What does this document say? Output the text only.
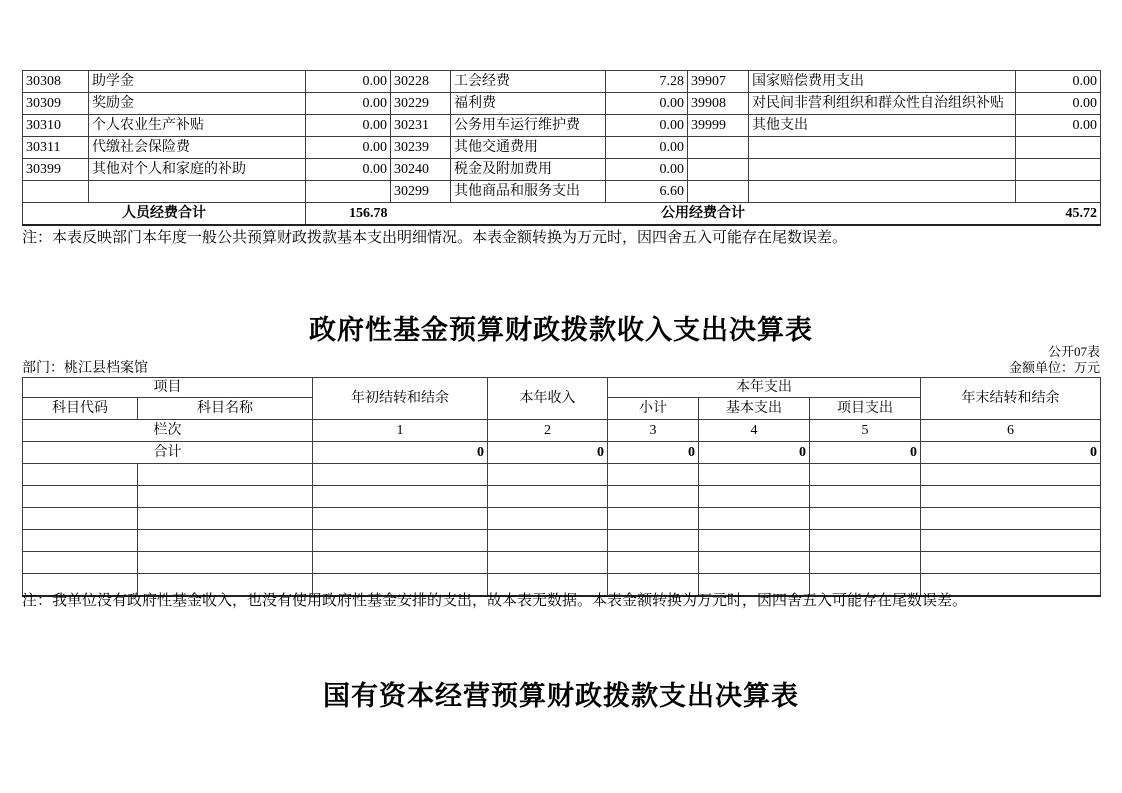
30308	助学金	0.00	30228	工会经费	7.28	39907	国家赔偿费用支出	0.00
30309	奖励金	0.00	30229	福利费	0.00	39908	对民间非营利组织和群众性自治组织补贴	0.00
30310	个人农业生产补贴	0.00	30231	公务用车运行维护费	0.00	39999	其他支出	0.00
30311	代缴社会保险费	0.00	30239	其他交通费用	0.00			
30399	其他对个人和家庭的补助	0.00	30240	税金及附加费用	0.00			
			30299	其他商品和服务支出	6.60			
人员经费合计		156.78	公用经费合计					45.72
注：本表反映部门本年度一般公共预算财政拨款基本支出明细情况。本表金额转换为万元时，因四舍五入可能存在尾数误差。
政府性基金预算财政拨款收入支出决算表
公开07表
部门：桃江县档案馆	金额单位：万元
项目		年初结转和结余	本年收入	本年支出			年末结转和结余
科目代码	科目名称			小计	基本支出	项目支出	
栏次		1	2	3	4	5	6
合计		0	0	0	0	0	0

注：我单位没有政府性基金收入，也没有使用政府性基金安排的支出，故本表无数据。本表金额转换为万元时，因四舍五入可能存在尾数误差。
国有资本经营预算财政拨款支出决算表
